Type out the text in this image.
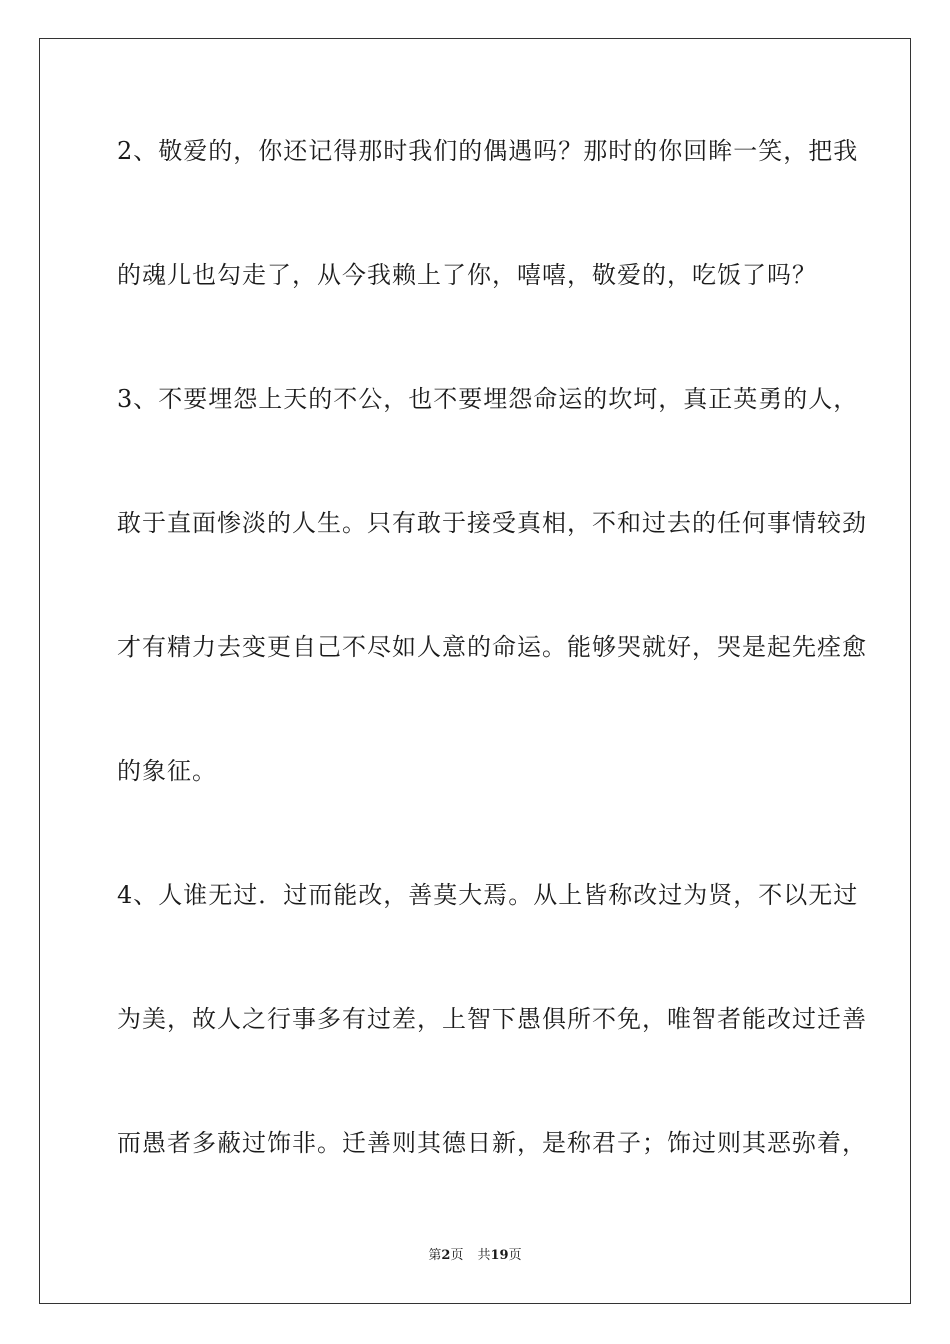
2、敬爱的，你还记得那时我们的偶遇吗？那时的你回眸一笑，把我
的魂儿也勾走了，从今我赖上了你，嘻嘻，敬爱的，吃饭了吗？
3、不要埋怨上天的不公，也不要埋怨命运的坎坷，真正英勇的人，
敢于直面惨淡的人生。只有敢于接受真相，不和过去的任何事情较劲
才有精力去变更自己不尽如人意的命运。能够哭就好，哭是起先痊愈
的象征。
4、人谁无过．过而能改，善莫大焉。从上皆称改过为贤，不以无过
为美，故人之行事多有过差，上智下愚俱所不免，唯智者能改过迁善
而愚者多蔽过饰非。迁善则其德日新，是称君子；饰过则其恶弥着，
第2页 共19页
